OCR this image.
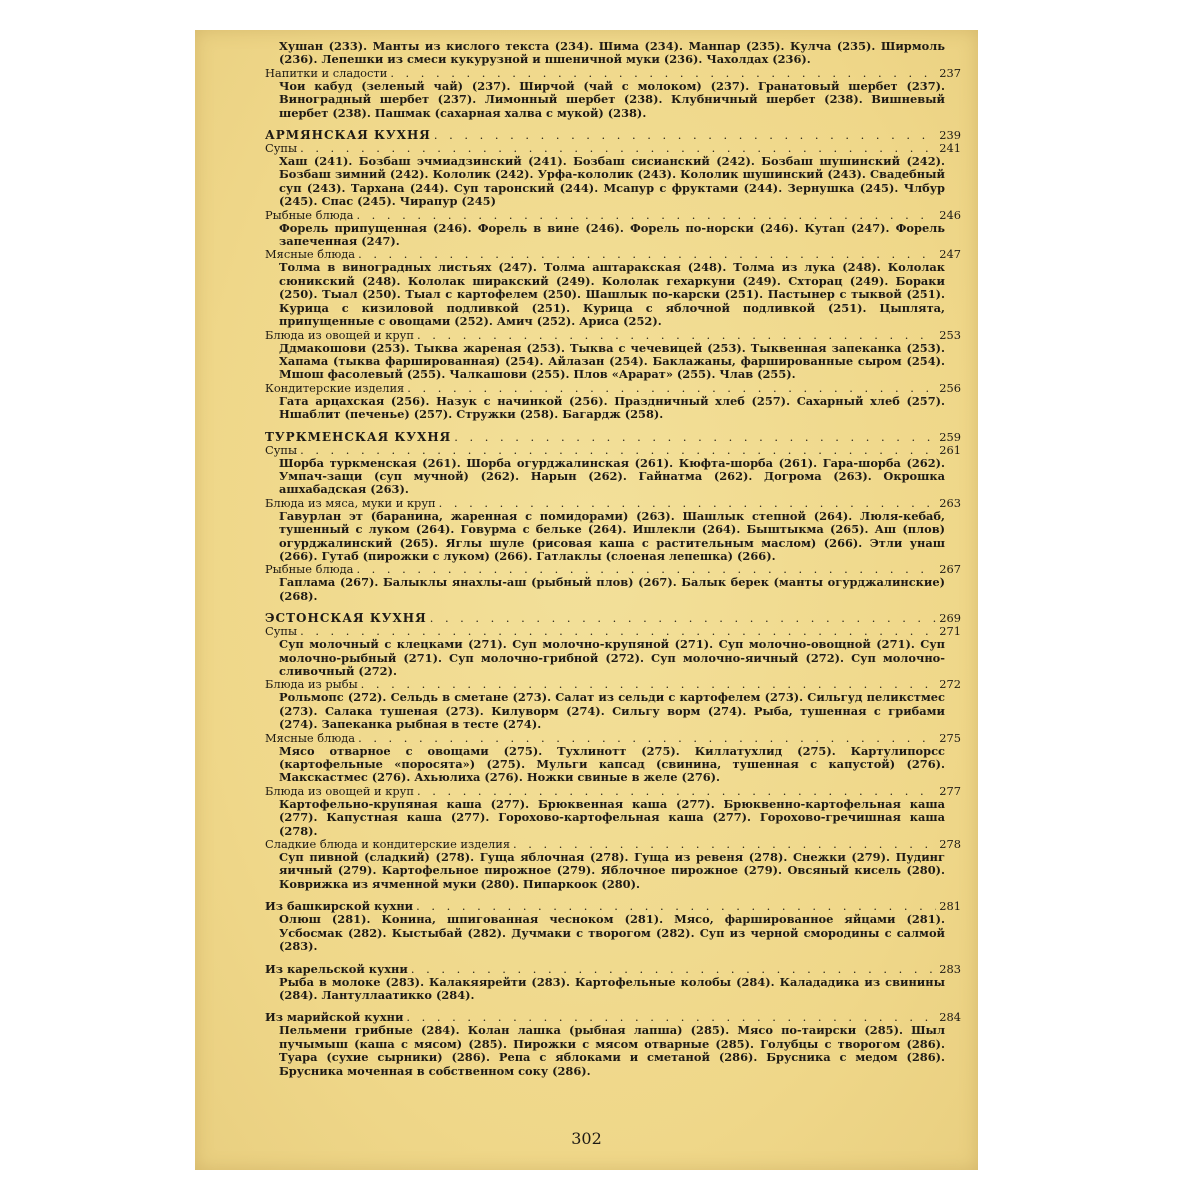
Хушан (233). Манты из кислого текста (234). Шима (234). Манпар (235). Кулча (235). Ширмоль (236). Лепешки из смеси кукурузной и пшеничной муки (236). Чахолдах (236).

Напитки и сладости . . .	237

Чои кабуд (зеленый чай) (237). Ширчой (чай с молоком) (237). Гранатовый шербет (237). Виноградный шербет (237). Лимонный шербет (238). Клубничный шербет (238). Вишневый шербет (238). Пашмак (сахарная халва с мукой) (238).

АРМЯНСКАЯ КУХНЯ . . .	239
Супы . . .	241

Хаш (241). Бозбаш эчмиадзинский (241). Бозбаш сисианский (242). Бозбаш шушинский (242). Бозбаш зимний (242). Кололик (242). Урфа-кололик (243). Кололик шушинский (243). Свадебный суп (243). Тархана (244). Суп таронский (244). Мсапур с фруктами (244). Зернушка (245). Члбур (245). Спас (245). Чирапур (245)

Рыбные блюда . . .	246

Форель припущенная (246). Форель в вине (246). Форель по-норски (246). Кутап (247). Форель запеченная (247).

Мясные блюда . . .	247

Толма в виноградных листьях (247). Толма аштаракская (248). Толма из лука (248). Кололак сюникский (248). Кололак ширакский (249). Кололак гехаркуни (249). Схторац (249). Бораки (250). Тыал (250). Тыал с картофелем (250). Шашлык по-карски (251). Пастынер с тыквой (251). Курица с кизиловой подливкой (251). Курица с яблочной подливкой (251). Цыплята, припущенные с овощами (252). Амич (252). Ариса (252).

Блюда из овощей и круп . . .	253

Ддмакошови (253). Тыква жареная (253). Тыква с чечевицей (253). Тыквенная запеканка (253). Хапама (тыква фаршированная) (254). Айлазан (254). Баклажаны, фаршированные сыром (254). Мшош фасолевый (255). Чалкашови (255). Плов «Арарат» (255). Члав (255).

Кондитерские изделия . . .	256

Гата арцахская (256). Назук с начинкой (256). Праздничный хлеб (257). Сахарный хлеб (257). Ншаблит (печенье) (257). Стружки (258). Багардж (258).

ТУРКМЕНСКАЯ КУХНЯ . . .	259
Супы . . .	261

Шорба туркменская (261). Шорба огурджалинская (261). Кюфта-шорба (261). Гара-шорба (262). Умпач-защи (суп мучной) (262). Нарын (262). Гайнатма (262). Догрома (263). Окрошка ашхабадская (263).

Блюда из мяса, муки и круп . . .	263

Гавурлан эт (баранина, жаренная с помидорами) (263). Шашлык степной (264). Люля-кебаб, тушенный с луком (264). Говурма с бельке (264). Ишлекли (264). Быштыкма (265). Аш (плов) огурджалинский (265). Яглы шуле (рисовая каша с растительным маслом) (266). Этли унаш (266). Гутаб (пирожки с луком) (266). Гатлаклы (слоеная лепешка) (266).

Рыбные блюда . . .	267

Гаплама (267). Балыклы янахлы-аш (рыбный плов) (267). Балык берек (манты огурджалинские) (268).

ЭСТОНСКАЯ КУХНЯ . . .	269
Супы . . .	271

Суп молочный с клецками (271). Суп молочно-крупяной (271). Суп молочно-овощной (271). Суп молочно-рыбный (271). Суп молочно-грибной (272). Суп молочно-яичный (272). Суп молочно-сливочный (272).

Блюда из рыбы . . .	272

Рольмопс (272). Сельдь в сметане (273). Салат из сельди с картофелем (273). Сильгуд пеликстмес (273). Салака тушеная (273). Килуворм (274). Сильгу ворм (274). Рыба, тушенная с грибами (274). Запеканка рыбная в тесте (274).

Мясные блюда . . .	275

Мясо отварное с овощами (275). Тухлинотт (275). Киллатухлид (275). Картулипорсс (картофельные «поросята») (275). Мульги капсад (свинина, тушенная с капустой) (276). Макскастмес (276). Ахьюлиха (276). Ножки свиные в желе (276).

Блюда из овощей и круп . . .	277

Картофельно-крупяная каша (277). Брюквенная каша (277). Брюквенно-картофельная каша (277). Капустная каша (277). Горохово-картофельная каша (277). Горохово-гречишная каша (278).

Сладкие блюда и кондитерские изделия . . .	278

Суп пивной (сладкий) (278). Гуща яблочная (278). Гуща из ревеня (278). Снежки (279). Пудинг яичный (279). Картофельное пирожное (279). Яблочное пирожное (279). Овсяный кисель (280). Коврижка из ячменной муки (280). Пипаркоок (280).

Из башкирской кухни . . .	281

Олюш (281). Конина, шпигованная чесноком (281). Мясо, фаршированное яйцами (281). Усбосмак (282). Кыстыбай (282). Дучмаки с творогом (282). Суп из черной смородины с салмой (283).

Из карельской кухни . . .	283

Рыба в молоке (283). Калакяярейти (283). Картофельные колобы (284). Калададика из свинины (284). Лантуллаатикко (284).

Из марийской кухни . . .	284

Пельмени грибные (284). Колан лашка (рыбная лапша) (285). Мясо по-таирски (285). Шыл пучымыш (каша с мясом) (285). Пирожки с мясом отварные (285). Голубцы с творогом (286). Туара (сухие сырники) (286). Репа с яблоками и сметаной (286). Брусника с медом (286). Брусника моченная в собственном соку (286).

302
